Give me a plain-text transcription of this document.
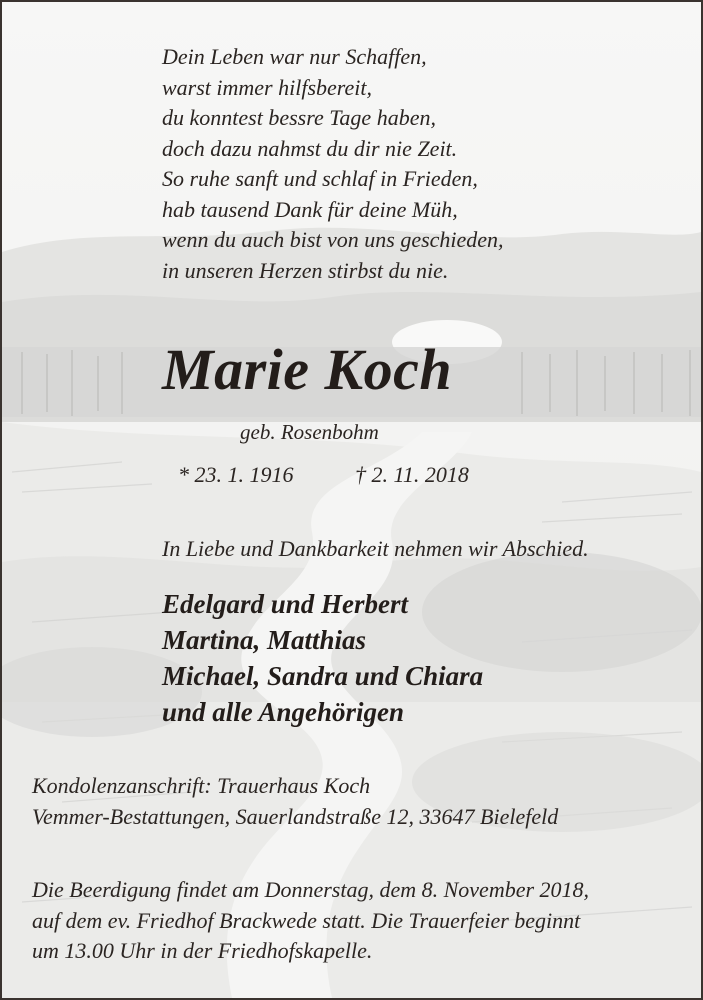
Dein Leben war nur Schaffen,
warst immer hilfsbereit,
du konntest bessre Tage haben,
doch dazu nahmst du dir nie Zeit.
So ruhe sanft und schlaf in Frieden,
hab tausend Dank für deine Müh,
wenn du auch bist von uns geschieden,
in unseren Herzen stirbst du nie.
Marie Koch
geb. Rosenbohm
* 23. 1. 1916	† 2. 11. 2018
In Liebe und Dankbarkeit nehmen wir Abschied.
Edelgard und Herbert
Martina, Matthias
Michael, Sandra und Chiara
und alle Angehörigen
Kondolenzanschrift: Trauerhaus Koch
Vemmer-Bestattungen, Sauerlandstraße 12, 33647 Bielefeld
Die Beerdigung findet am Donnerstag, dem 8. November 2018,
auf dem ev. Friedhof Brackwede statt. Die Trauerfeier beginnt
um 13.00 Uhr in der Friedhofskapelle.
